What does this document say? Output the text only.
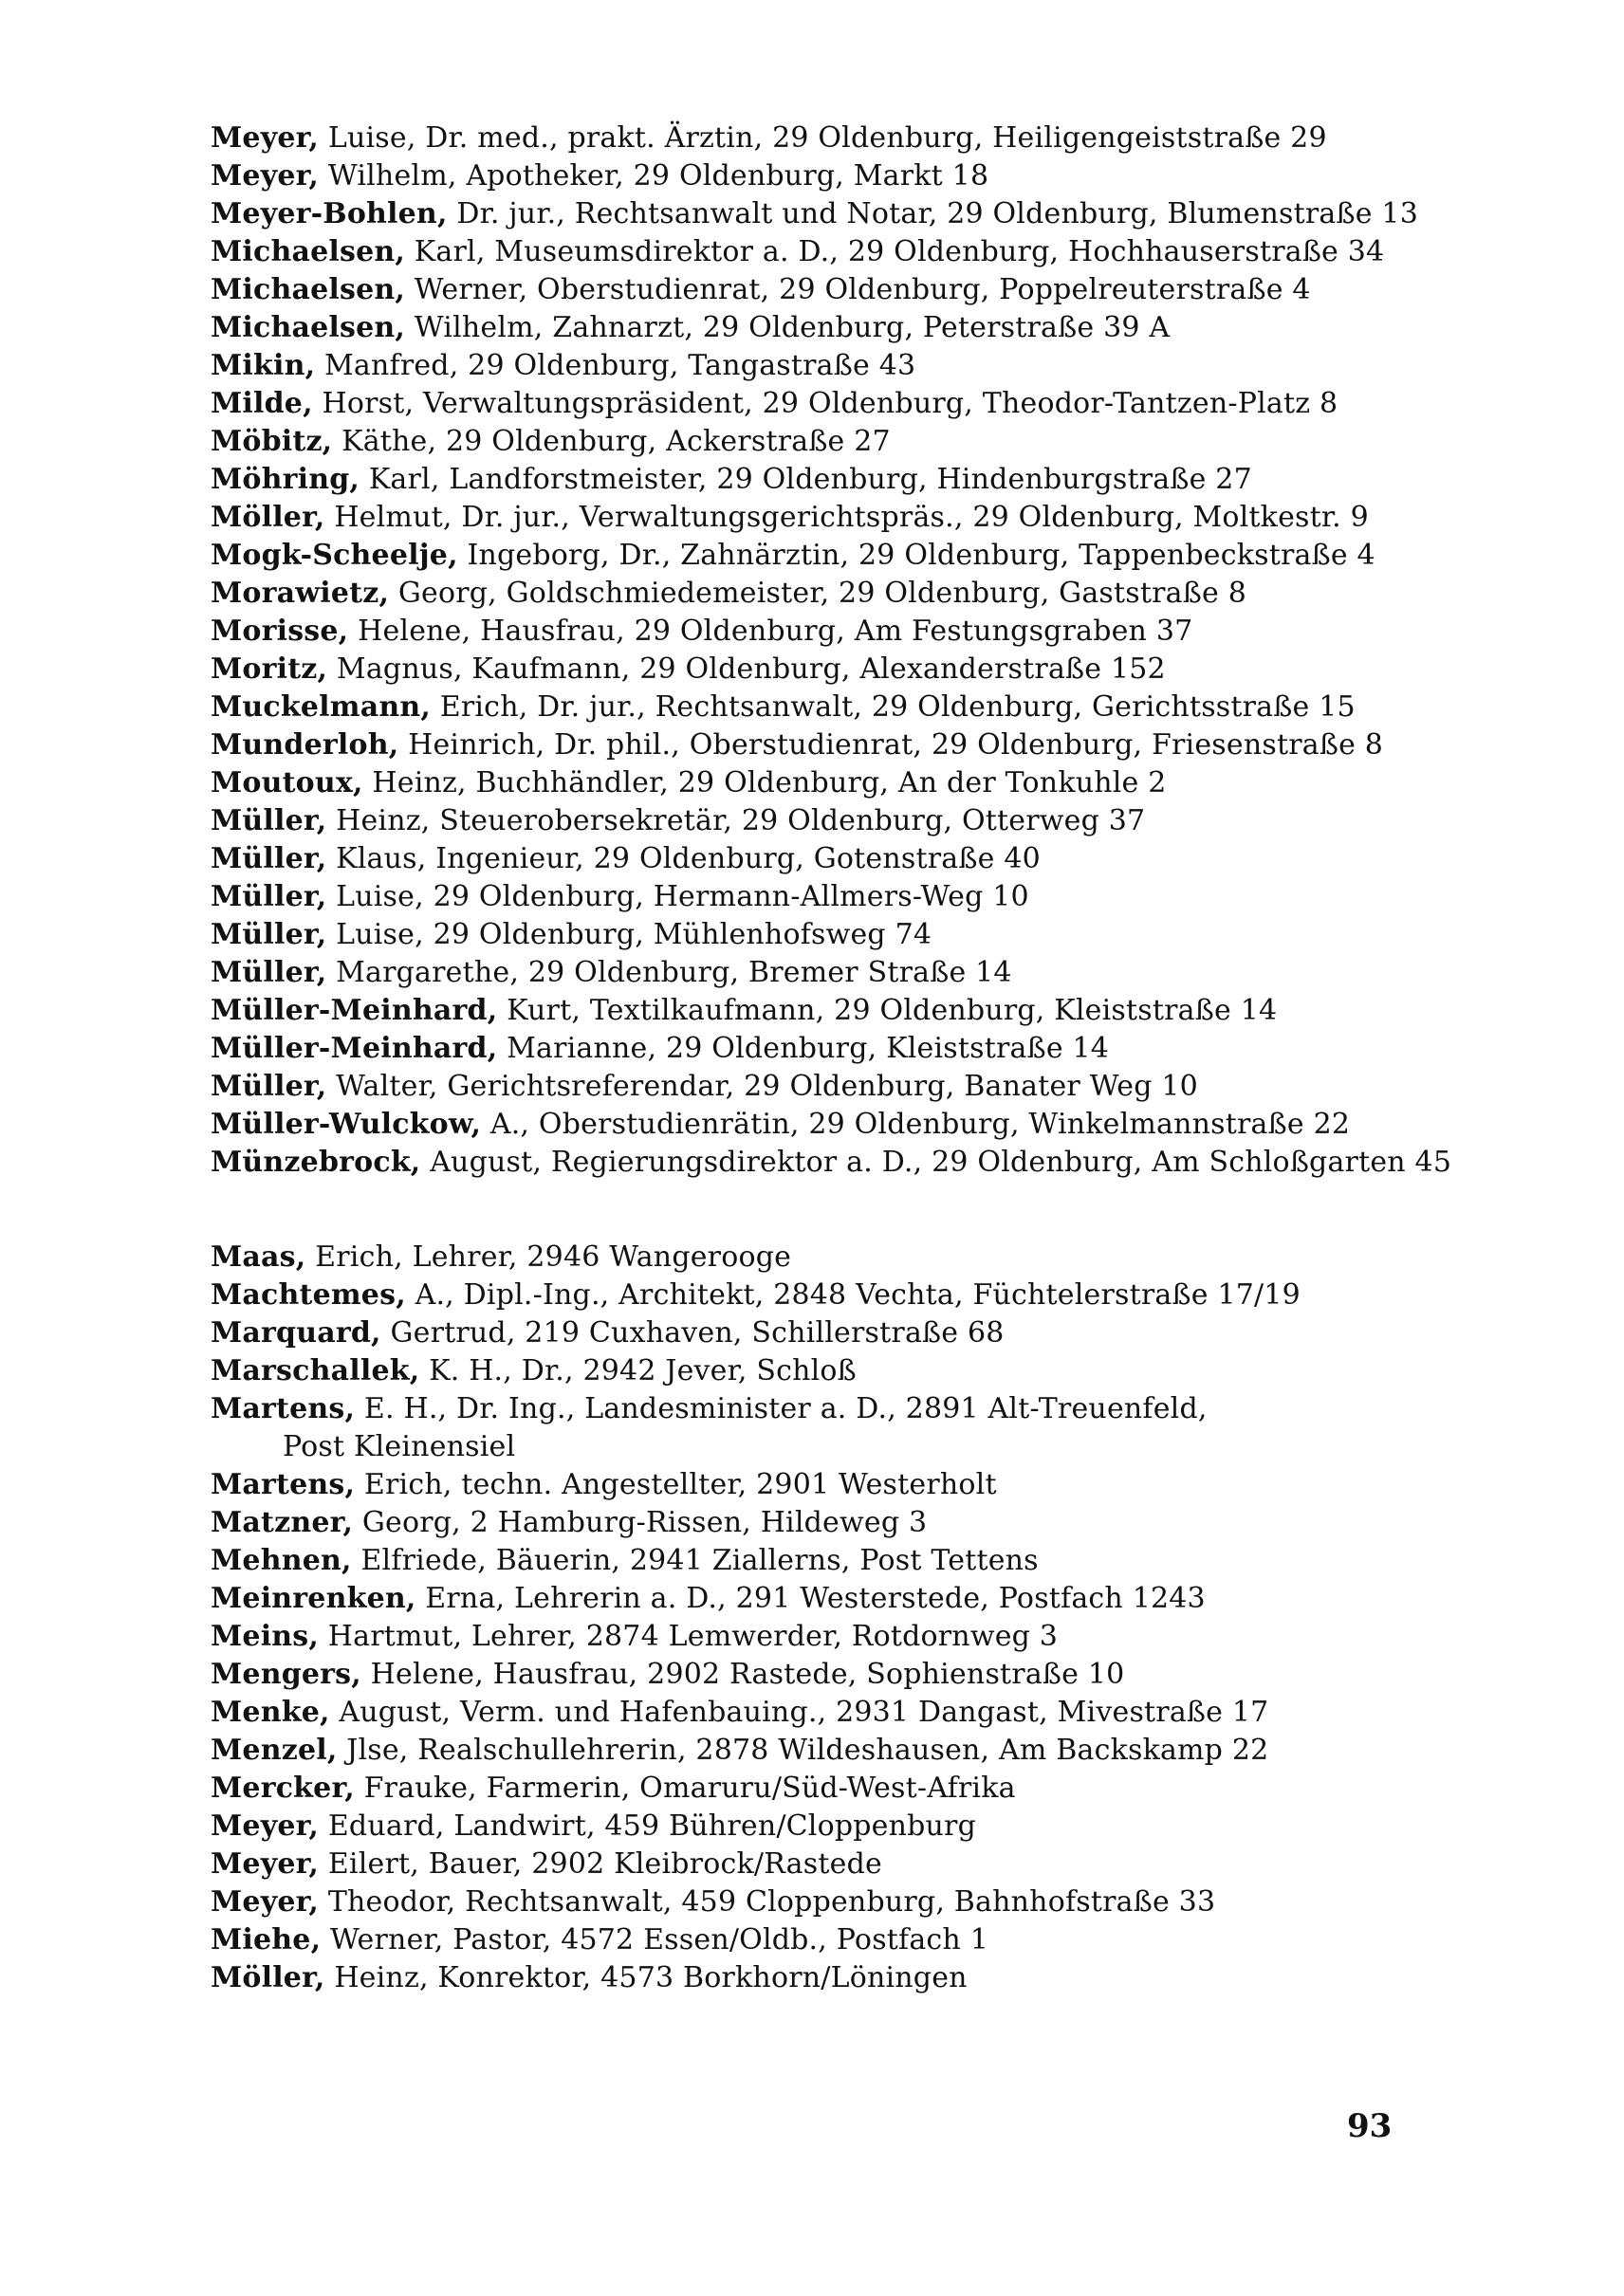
Meyer, Luise, Dr. med., prakt. Ärztin, 29 Oldenburg, Heiligengeiststraße 29
Meyer, Wilhelm, Apotheker, 29 Oldenburg, Markt 18
Meyer-Bohlen, Dr. jur., Rechtsanwalt und Notar, 29 Oldenburg, Blumenstraße 13
Michaelsen, Karl, Museumsdirektor a. D., 29 Oldenburg, Hochhauserstraße 34
Michaelsen, Werner, Oberstudienrat, 29 Oldenburg, Poppelreuterstraße 4
Michaelsen, Wilhelm, Zahnarzt, 29 Oldenburg, Peterstraße 39 A
Mikin, Manfred, 29 Oldenburg, Tangastraße 43
Milde, Horst, Verwaltungspräsident, 29 Oldenburg, Theodor-Tantzen-Platz 8
Möbitz, Käthe, 29 Oldenburg, Ackerstraße 27
Möhring, Karl, Landforstmeister, 29 Oldenburg, Hindenburgstraße 27
Möller, Helmut, Dr. jur., Verwaltungsgerichtspräs., 29 Oldenburg, Moltkestr. 9
Mogk-Scheelje, Ingeborg, Dr., Zahnärztin, 29 Oldenburg, Tappenbeckstraße 4
Morawietz, Georg, Goldschmiedemeister, 29 Oldenburg, Gaststraße 8
Morisse, Helene, Hausfrau, 29 Oldenburg, Am Festungsgraben 37
Moritz, Magnus, Kaufmann, 29 Oldenburg, Alexanderstraße 152
Muckelmann, Erich, Dr. jur., Rechtsanwalt, 29 Oldenburg, Gerichtsstraße 15
Munderloh, Heinrich, Dr. phil., Oberstudienrat, 29 Oldenburg, Friesenstraße 8
Moutoux, Heinz, Buchhändler, 29 Oldenburg, An der Tonkuhle 2
Müller, Heinz, Steuerobersekretär, 29 Oldenburg, Otterweg 37
Müller, Klaus, Ingenieur, 29 Oldenburg, Gotenstraße 40
Müller, Luise, 29 Oldenburg, Hermann-Allmers-Weg 10
Müller, Luise, 29 Oldenburg, Mühlenhofsweg 74
Müller, Margarethe, 29 Oldenburg, Bremer Straße 14
Müller-Meinhard, Kurt, Textilkaufmann, 29 Oldenburg, Kleiststraße 14
Müller-Meinhard, Marianne, 29 Oldenburg, Kleiststraße 14
Müller, Walter, Gerichtsreferendar, 29 Oldenburg, Banater Weg 10
Müller-Wulckow, A., Oberstudienrätin, 29 Oldenburg, Winkelmannstraße 22
Münzebrock, August, Regierungsdirektor a. D., 29 Oldenburg, Am Schloßgarten 45
Maas, Erich, Lehrer, 2946 Wangerooge
Machtemes, A., Dipl.-Ing., Architekt, 2848 Vechta, Füchtelerstraße 17/19
Marquard, Gertrud, 219 Cuxhaven, Schillerstraße 68
Marschallek, K. H., Dr., 2942 Jever, Schloß
Martens, E. H., Dr. Ing., Landesminister a. D., 2891 Alt-Treuenfeld,
Post Kleinensiel
Martens, Erich, techn. Angestellter, 2901 Westerholt
Matzner, Georg, 2 Hamburg-Rissen, Hildeweg 3
Mehnen, Elfriede, Bäuerin, 2941 Ziallerns, Post Tettens
Meinrenken, Erna, Lehrerin a. D., 291 Westerstede, Postfach 1243
Meins, Hartmut, Lehrer, 2874 Lemwerder, Rotdornweg 3
Mengers, Helene, Hausfrau, 2902 Rastede, Sophienstraße 10
Menke, August, Verm. und Hafenbauing., 2931 Dangast, Mivestraße 17
Menzel, Jlse, Realschullehrerin, 2878 Wildeshausen, Am Backskamp 22
Mercker, Frauke, Farmerin, Omaruru/Süd-West-Afrika
Meyer, Eduard, Landwirt, 459 Bühren/Cloppenburg
Meyer, Eilert, Bauer, 2902 Kleibrock/Rastede
Meyer, Theodor, Rechtsanwalt, 459 Cloppenburg, Bahnhofstraße 33
Miehe, Werner, Pastor, 4572 Essen/Oldb., Postfach 1
Möller, Heinz, Konrektor, 4573 Borkhorn/Löningen
93
